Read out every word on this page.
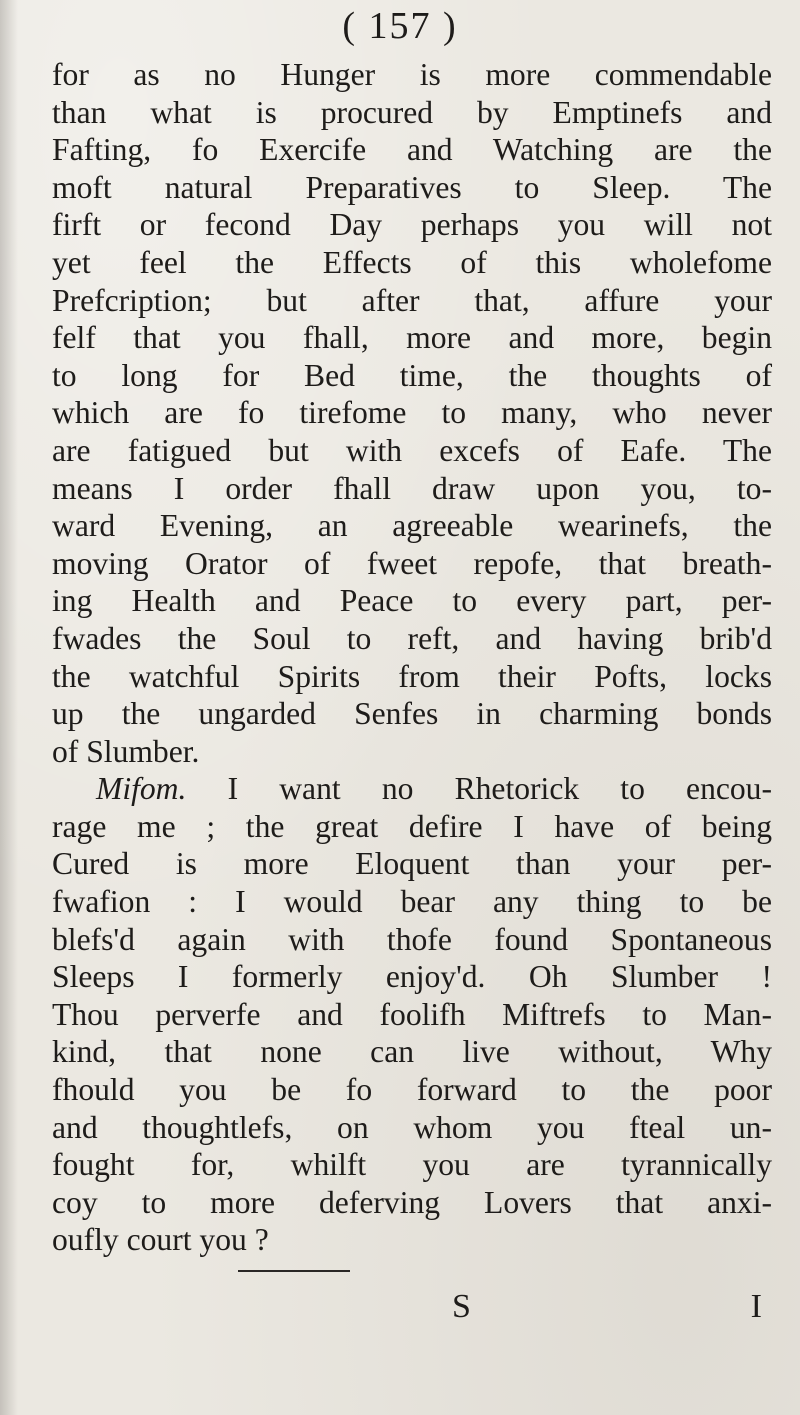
( 157 )
for as no Hunger is more commendable
than what is procured by Emptinefs and
Fafting, fo Exercife and Watching are the
moft natural Preparatives to Sleep. The
firft or fecond Day perhaps you will not
yet feel the Effects of this wholefome
Prefcription; but after that, affure your
felf that you fhall, more and more, begin
to long for Bed time, the thoughts of
which are fo tirefome to many, who never
are fatigued but with excefs of Eafe. The
means I order fhall draw upon you, to-
ward Evening, an agreeable wearinefs, the
moving Orator of fweet repofe, that breath-
ing Health and Peace to every part, per-
fwades the Soul to reft, and having brib'd
the watchful Spirits from their Pofts, locks
up the ungarded Senfes in charming bonds
of Slumber.
Mifom. I want no Rhetorick to encou-
rage me ; the great defire I have of being
Cured is more Eloquent than your per-
fwafion : I would bear any thing to be
blefs'd again with thofe found Spontaneous
Sleeps I formerly enjoy'd. Oh Slumber !
Thou perverfe and foolifh Miftrefs to Man-
kind, that none can live without, Why
fhould you be fo forward to the poor
and thoughtlefs, on whom you fteal un-
fought for, whilft you are tyrannically
coy to more deferving Lovers that anxi-
oufly court you ?
S	I
